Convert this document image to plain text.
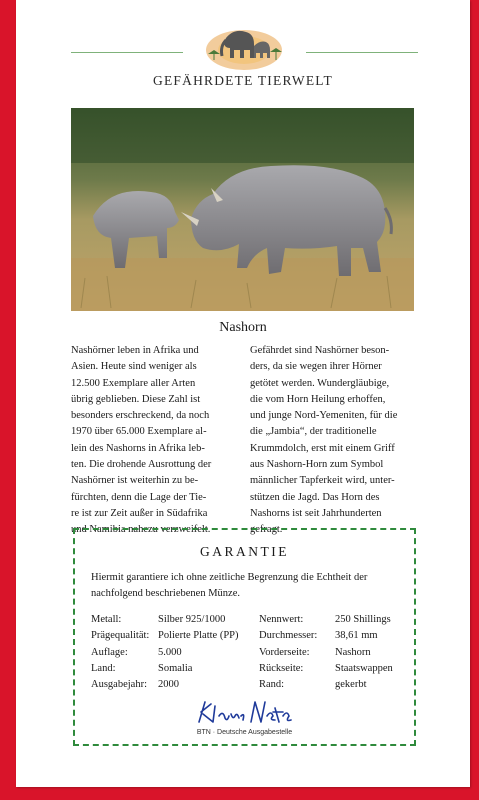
GEFÄHRDETE TIERWELT
Nashorn
Nashörner leben in Afrika und
Asien. Heute sind weniger als
12.500 Exemplare aller Arten
übrig geblieben. Diese Zahl ist
besonders erschreckend, da noch
1970 über 65.000 Exemplare al-
lein des Nashorns in Afrika leb-
ten. Die drohende Ausrottung der
Nashörner ist weiterhin zu be-
fürchten, denn die Lage der Tie-
re ist zur Zeit außer in Südafrika
und Namibia nahezu verzweifelt.
Gefährdet sind Nashörner beson-
ders, da sie wegen ihrer Hörner
getötet werden. Wundergläubige,
die vom Horn Heilung erhoffen,
und junge Nord-Yemeniten, für die
die „Jambia“, der traditionelle
Krummdolch, erst mit einem Griff
aus Nashorn-Horn zum Symbol
männlicher Tapferkeit wird, unter-
stützen die Jagd. Das Horn des
Nashorns ist seit Jahrhunderten
gefragt.
GARANTIE
Hiermit garantiere ich ohne zeitliche Begrenzung die Echtheit der nachfolgend beschriebenen Münze.
Metall:	Silber 925/1000
Prägequalität: Polierte Platte (PP)
Auflage:	5.000
Land:	Somalia
Ausgabejahr:	2000
Nennwert:	250 Shillings
Durchmesser:	38,61 mm
Vorderseite:	Nashorn
Rückseite:	Staatswappen
Rand:	gekerbt
BTN · Deutsche Ausgabestelle
